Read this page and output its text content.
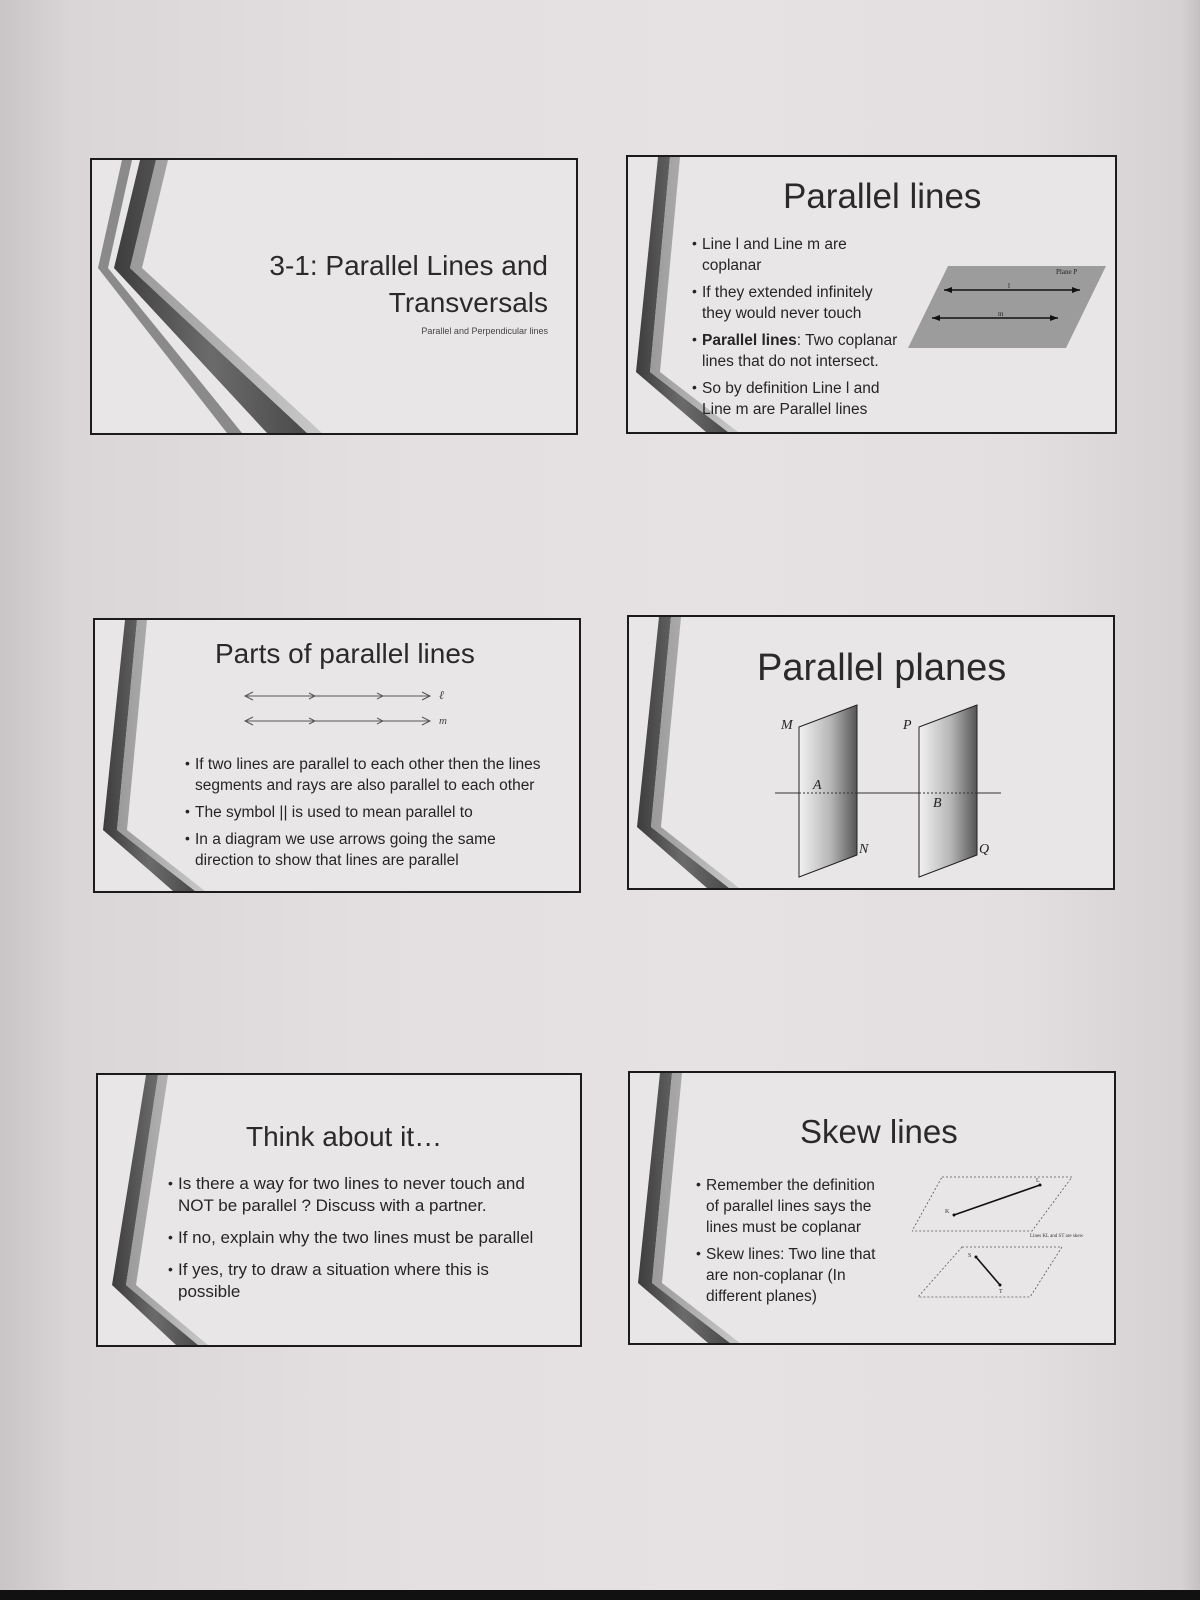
3-1: Parallel Lines and
Transversals
Parallel and Perpendicular lines
Parallel lines
• Line l and Line m are
coplanar
• If they extended infinitely
they would never touch
• Parallel lines: Two coplanar
lines that do not intersect.
• So by definition Line l and
Line m are Parallel lines
Plane P
l
m
Parts of parallel lines
ℓ
m
• If two lines are parallel to each other then the lines
segments and rays are also parallel to each other
• The symbol || is used to mean parallel to
• In a diagram we use arrows going the same
direction to show that lines are parallel
Parallel planes
M
N
P
Q
A
B
Think about it…
• Is there a way for two lines to never touch and
NOT be parallel ? Discuss with a partner.
• If no, explain why the two lines must be parallel
• If yes, try to draw a situation where this is
possible
Skew lines
• Remember the definition
of parallel lines says the
lines must be coplanar
• Skew lines: Two line that
are non-coplanar (In
different planes)
K
L
S
T
Lines KL and ST are skew
